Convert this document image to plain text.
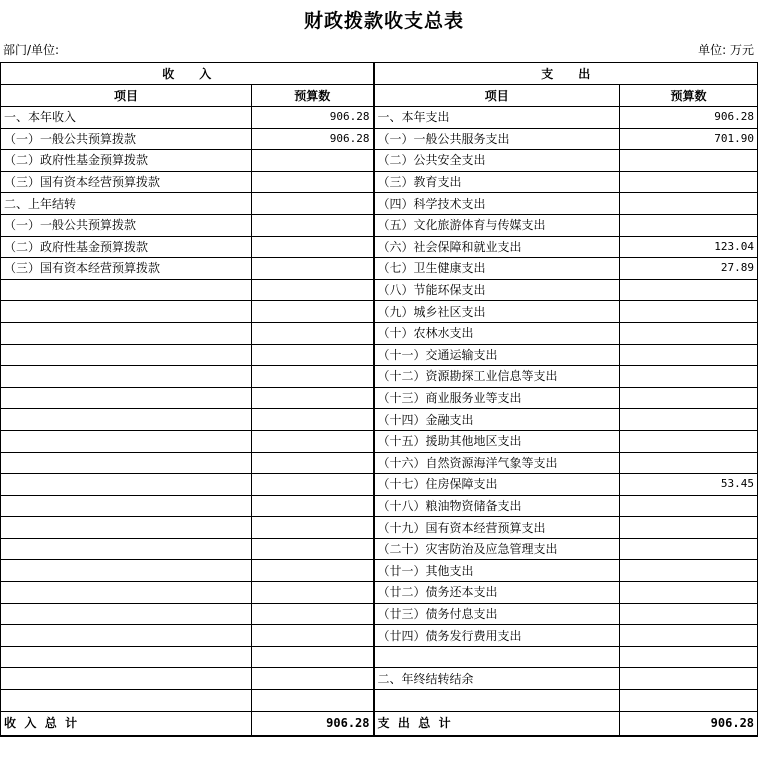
财政拨款收支总表
部门/单位:	单位: 万元
收      入		支      出	
项目	预算数	项目	预算数
一、本年收入	906.28	一、本年支出	906.28
（一）一般公共预算拨款	906.28	（一）一般公共服务支出	701.90
（二）政府性基金预算拨款		（二）公共安全支出	
（三）国有资本经营预算拨款		（三）教育支出	
二、上年结转		（四）科学技术支出	
（一）一般公共预算拨款		（五）文化旅游体育与传媒支出	
（二）政府性基金预算拨款		（六）社会保障和就业支出	123.04
（三）国有资本经营预算拨款		（七）卫生健康支出	27.89
		（八）节能环保支出	
		（九）城乡社区支出	
		（十）农林水支出	
		（十一）交通运输支出	
		（十二）资源勘探工业信息等支出	
		（十三）商业服务业等支出	
		（十四）金融支出	
		（十五）援助其他地区支出	
		（十六）自然资源海洋气象等支出	
		（十七）住房保障支出	53.45
		（十八）粮油物资储备支出	
		（十九）国有资本经营预算支出	
		（二十）灾害防治及应急管理支出	
		（廿一）其他支出	
		（廿二）债务还本支出	
		（廿三）债务付息支出	
		（廿四）债务发行费用支出	

		二、年终结转结余	

收  入  总  计	906.28	支  出  总  计	906.28
